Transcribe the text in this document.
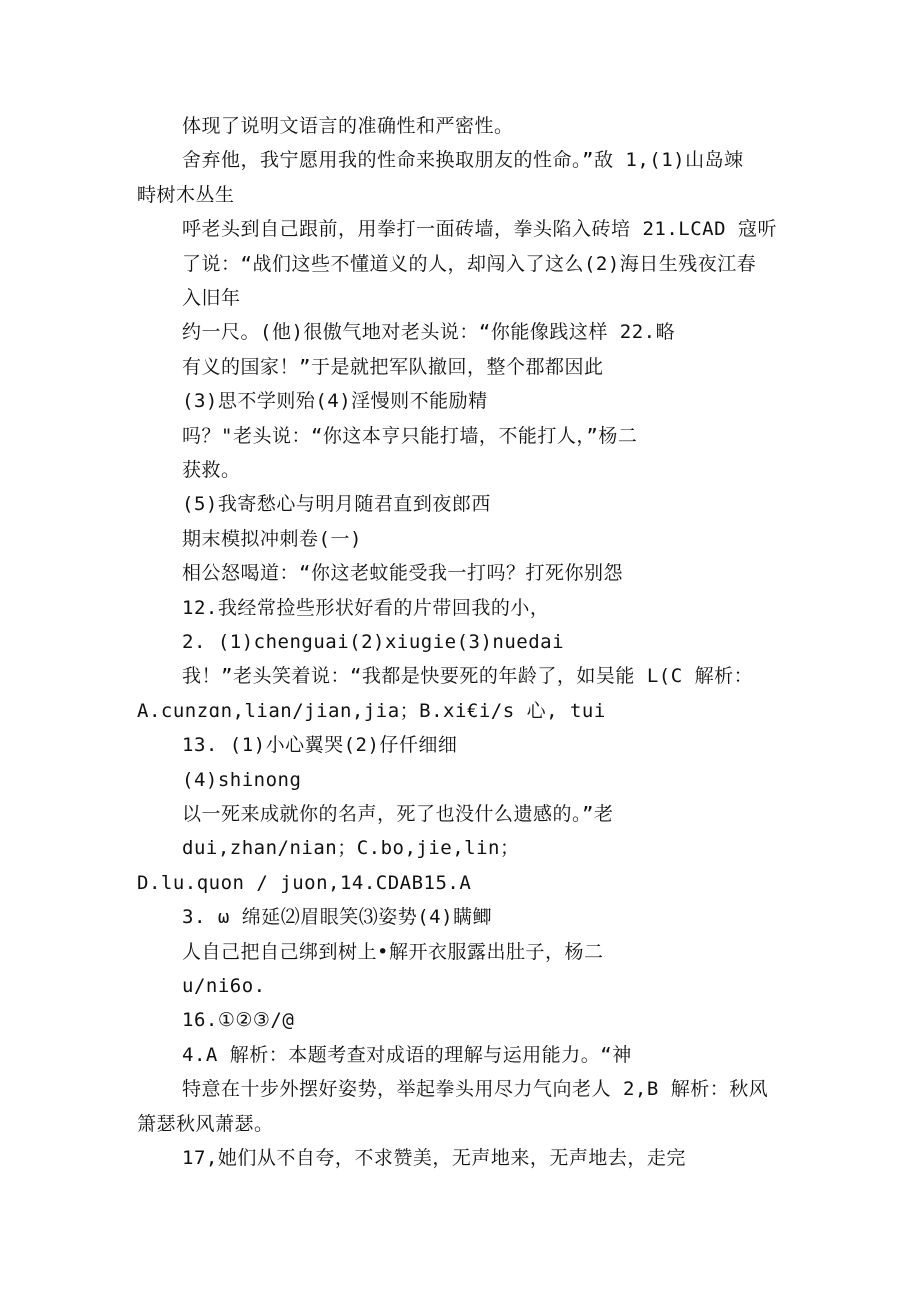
体现了说明文语言的准确性和严密性。
舍弃他，我宁愿用我的性命来换取朋友的性命。”敌 1,(1)山岛竦
畤树木丛生
呼老头到自己跟前，用拳打一面砖墙，拳头陷入砖培 21.LCAD 寇听
了说：“战们这些不懂道义的人，却闯入了这么(2)海日生残夜江春
入旧年
约一尺。(他)很傲气地对老头说：“你能像践这样 22.略
有义的国家！”于是就把军队撤回，整个郡都因此
(3)思不学则殆(4)淫慢则不能励精
吗？"老头说：“你这本亨只能打墙，不能打人，”杨二
获救。
(5)我寄愁心与明月随君直到夜郎西
期末模拟冲刺卷(一)
相公怒喝道：“你这老蚊能受我一打吗？打死你别怨
12.我经常捡些形状好看的片带回我的小，
2. (1)chenguai(2)xiugie(3)nuedai
我！”老头笑着说：“我都是快要死的年龄了，如吴能 L(C 解析：
A.cunzɑn,lian/jian,jia；B.xi€i/s 心, tui
13. (1)小心翼哭(2)仔仟细细
(4)shinong
以一死来成就你的名声，死了也没什么遗感的。”老
dui,zhan/nian；C.bo,jie,lin；
D.lu.quon / juon,14.CDAB15.A
3. ω 绵延⑵眉眼笑⑶姿势(4)瞒鲫
人自己把自己绑到树上•解开衣服露出肚子，杨二
u/ni6o.
16.①②③/@
4.A 解析：本题考查对成语的理解与运用能力。“神
特意在十步外摆好姿势，举起拳头用尽力气向老人 2,B 解析：秋风
箫瑟秋风萧瑟。
17,她们从不自夸，不求赞美，无声地来，无声地去，走完
